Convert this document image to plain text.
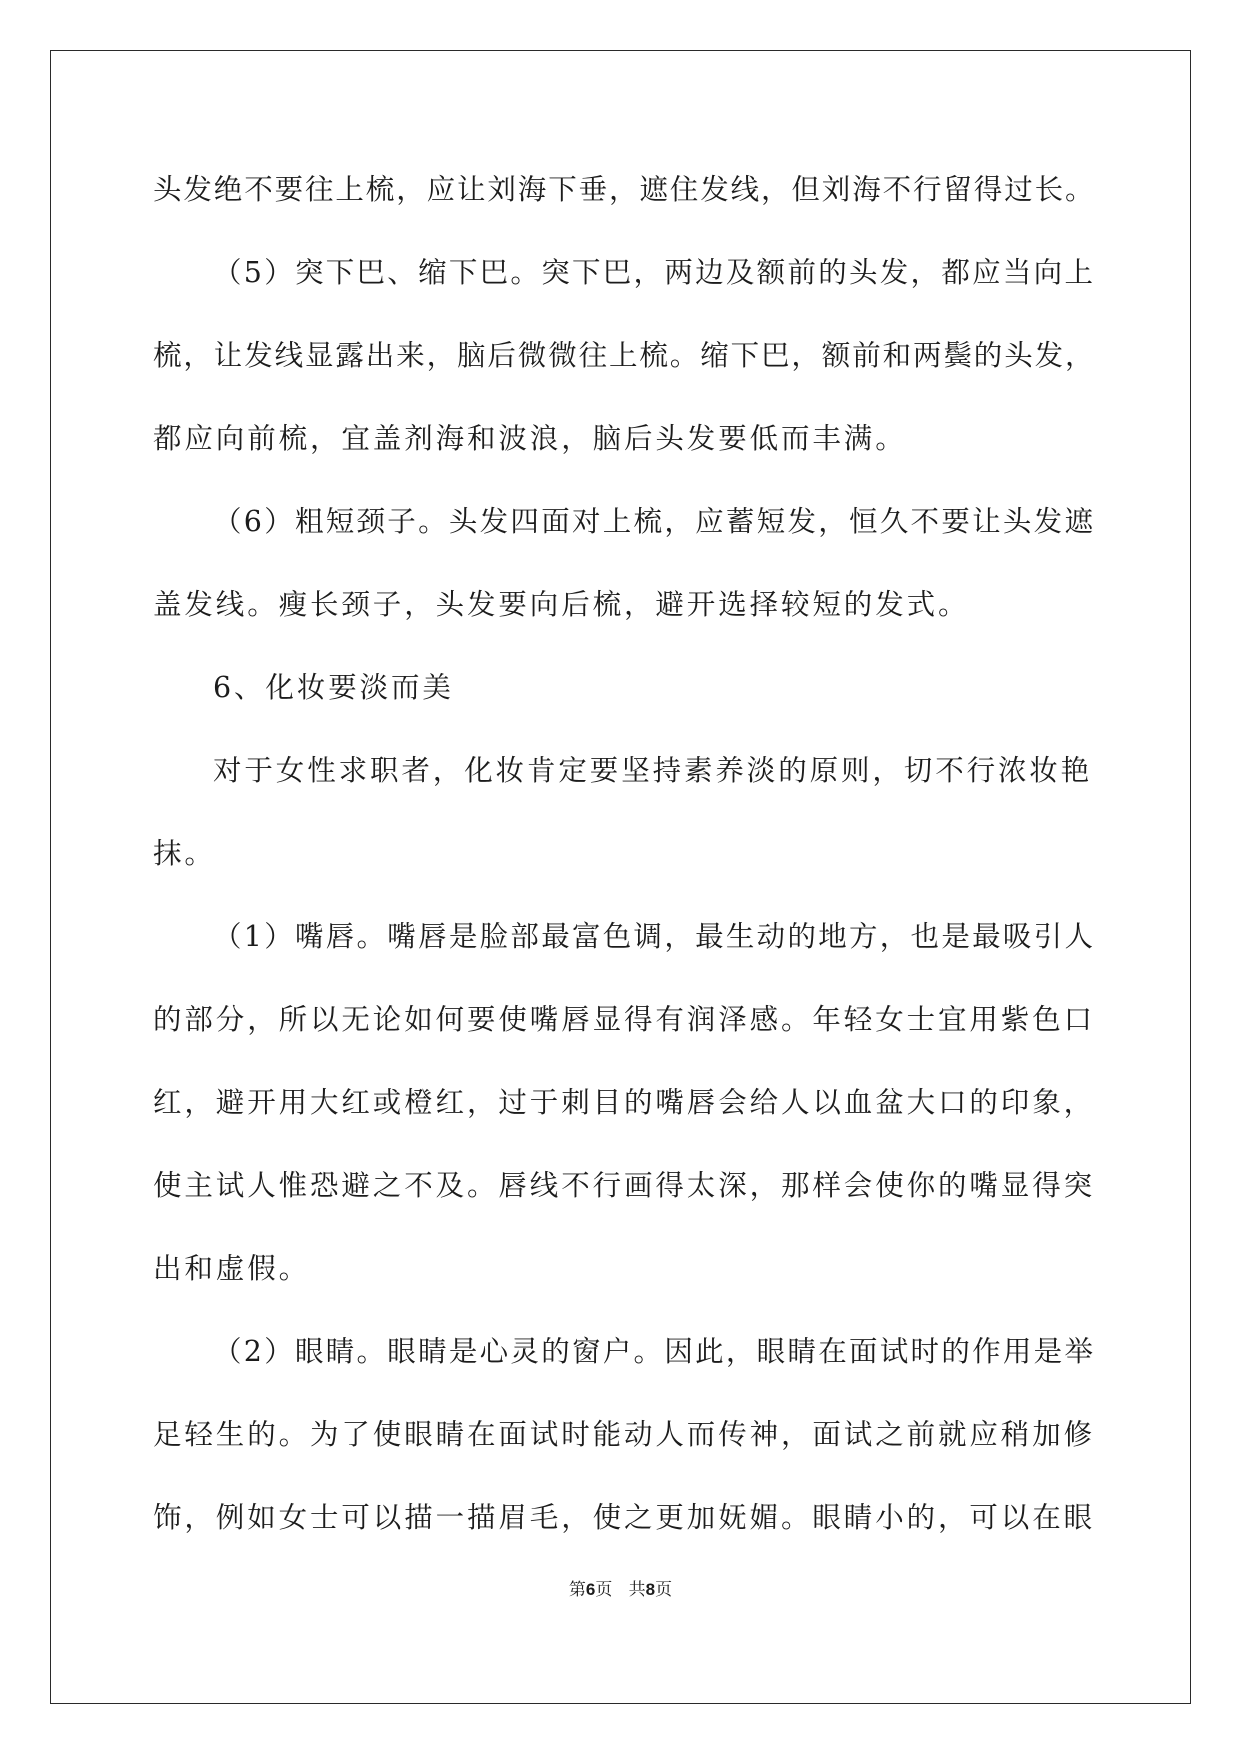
头发绝不要往上梳，应让刘海下垂，遮住发线，但刘海不行留得过长。
（5）突下巴、缩下巴。突下巴，两边及额前的头发，都应当向上
梳，让发线显露出来，脑后微微往上梳。缩下巴，额前和两鬓的头发，
都应向前梳，宜盖剂海和波浪，脑后头发要低而丰满。
（6）粗短颈子。头发四面对上梳，应蓄短发，恒久不要让头发遮
盖发线。瘦长颈子，头发要向后梳，避开选择较短的发式。
6、化妆要淡而美
对于女性求职者，化妆肯定要坚持素养淡的原则，切不行浓妆艳
抹。
（1）嘴唇。嘴唇是脸部最富色调，最生动的地方，也是最吸引人
的部分，所以无论如何要使嘴唇显得有润泽感。年轻女士宜用紫色口
红，避开用大红或橙红，过于刺目的嘴唇会给人以血盆大口的印象，
使主试人惟恐避之不及。唇线不行画得太深，那样会使你的嘴显得突
出和虚假。
（2）眼睛。眼睛是心灵的窗户。因此，眼睛在面试时的作用是举
足轻生的。为了使眼睛在面试时能动人而传神，面试之前就应稍加修
饰，例如女士可以描一描眉毛，使之更加妩媚。眼睛小的，可以在眼
第6页 共8页
